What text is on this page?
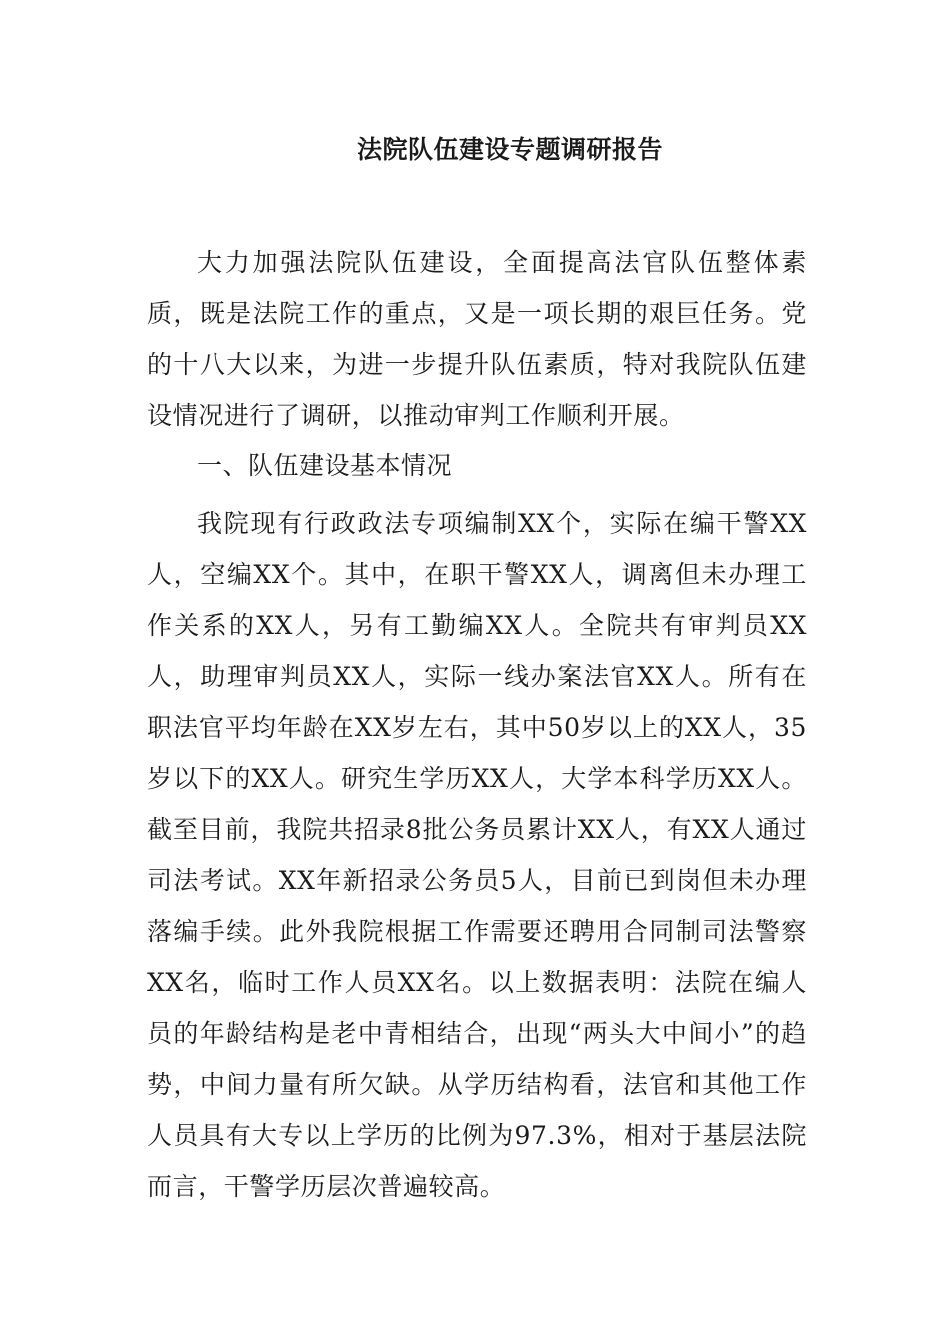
法院队伍建设专题调研报告
大力加强法院队伍建设，全面提高法官队伍整体素质，既是法院工作的重点，又是一项长期的艰巨任务。党的十八大以来，为进一步提升队伍素质，特对我院队伍建设情况进行了调研，以推动审判工作顺利开展。
一、队伍建设基本情况
我院现有行政政法专项编制XX个，实际在编干警XX人，空编XX个。其中，在职干警XX人，调离但未办理工作关系的XX人，另有工勤编XX人。全院共有审判员XX人，助理审判员XX人，实际一线办案法官XX人。所有在职法官平均年龄在XX岁左右，其中50岁以上的XX人，35岁以下的XX人。研究生学历XX人，大学本科学历XX人。截至目前，我院共招录8批公务员累计XX人，有XX人通过司法考试。XX年新招录公务员5人，目前已到岗但未办理落编手续。此外我院根据工作需要还聘用合同制司法警察XX名，临时工作人员XX名。以上数据表明：法院在编人员的年龄结构是老中青相结合，出现“两头大中间小”的趋势，中间力量有所欠缺。从学历结构看，法官和其他工作人员具有大专以上学历的比例为97.3%，相对于基层法院而言，干警学历层次普遍较高。
